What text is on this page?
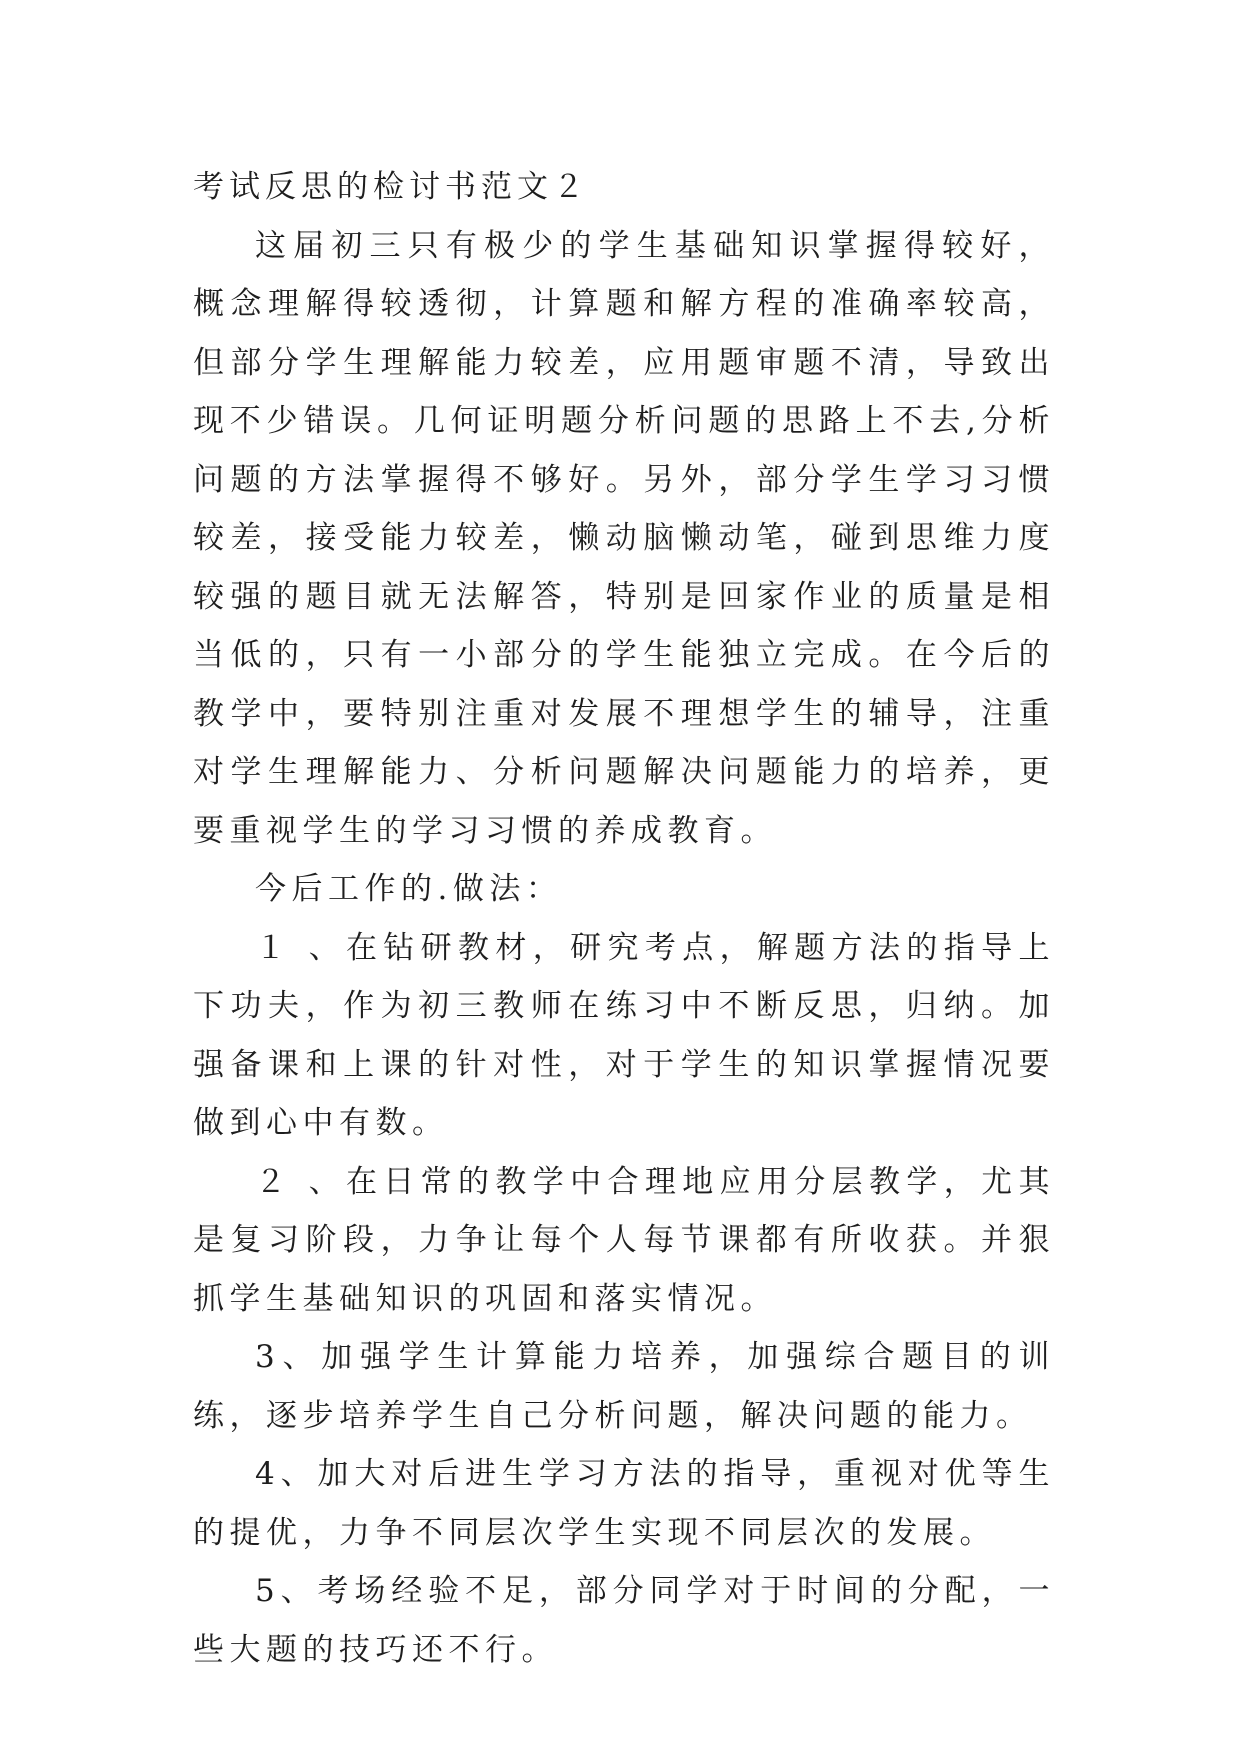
考试反思的检讨书范文２

这届初三只有极少的学生基础知识掌握得较好，概念理解得较透彻，计算题和解方程的准确率较高，但部分学生理解能力较差，应用题审题不清，导致出现不少错误。几何证明题分析问题的思路上不去,分析问题的方法掌握得不够好。另外，部分学生学习习惯较差，接受能力较差，懒动脑懒动笔，碰到思维力度较强的题目就无法解答，特别是回家作业的质量是相当低的，只有一小部分的学生能独立完成。在今后的教学中，要特别注重对发展不理想学生的辅导，注重对学生理解能力、分析问题解决问题能力的培养，更要重视学生的学习习惯的养成教育。

今后工作的.做法：

１ 、在钻研教材，研究考点，解题方法的指导上下功夫，作为初三教师在练习中不断反思，归纳。加强备课和上课的针对性，对于学生的知识掌握情况要做到心中有数。

２ 、在日常的教学中合理地应用分层教学，尤其是复习阶段，力争让每个人每节课都有所收获。并狠抓学生基础知识的巩固和落实情况。

3、加强学生计算能力培养，加强综合题目的训练，逐步培养学生自己分析问题，解决问题的能力。

4、加大对后进生学习方法的指导，重视对优等生的提优，力争不同层次学生实现不同层次的发展。

5、考场经验不足，部分同学对于时间的分配，一些大题的技巧还不行。
